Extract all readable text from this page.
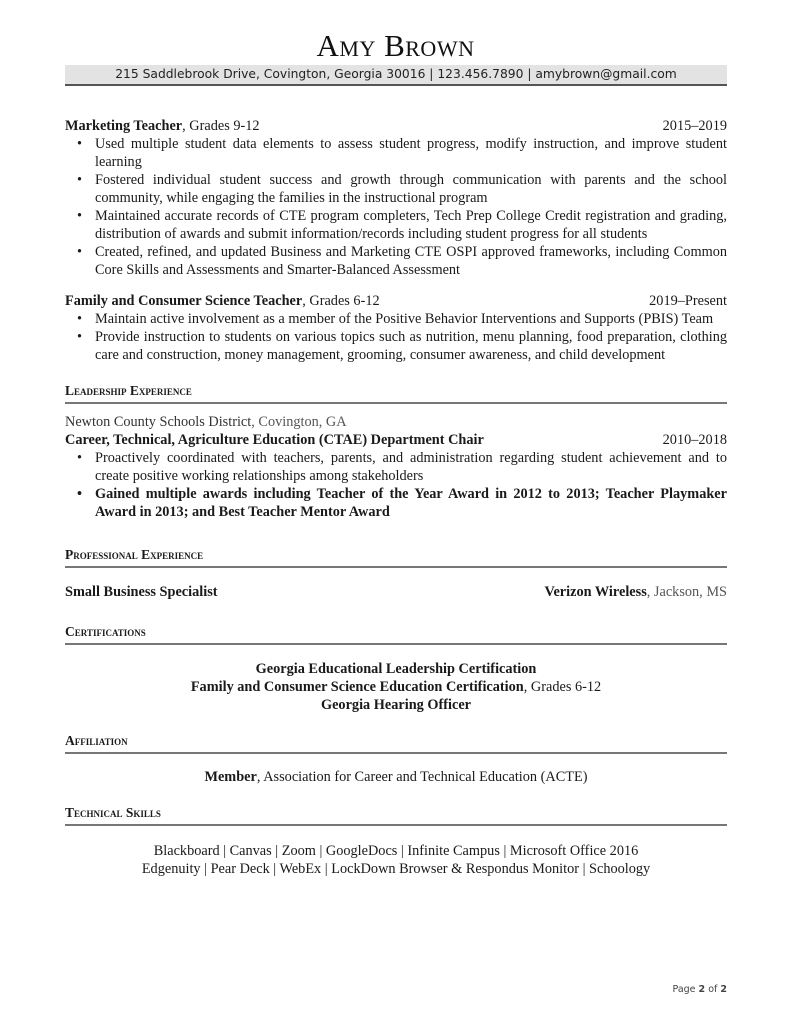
Amy Brown
215 Saddlebrook Drive, Covington, Georgia 30016 | 123.456.7890 | amybrown@gmail.com
Marketing Teacher, Grades 9-12	2015–2019
• Used multiple student data elements to assess student progress, modify instruction, and improve student learning
• Fostered individual student success and growth through communication with parents and the school community, while engaging the families in the instructional program
• Maintained accurate records of CTE program completers, Tech Prep College Credit registration and grading, distribution of awards and submit information/records including student progress for all students
• Created, refined, and updated Business and Marketing CTE OSPI approved frameworks, including Common Core Skills and Assessments and Smarter-Balanced Assessment
Family and Consumer Science Teacher, Grades 6-12	2019–Present
• Maintain active involvement as a member of the Positive Behavior Interventions and Supports (PBIS) Team
• Provide instruction to students on various topics such as nutrition, menu planning, food preparation, clothing care and construction, money management, grooming, consumer awareness, and child development
Leadership Experience
Newton County Schools District, Covington, GA
Career, Technical, Agriculture Education (CTAE) Department Chair	2010–2018
• Proactively coordinated with teachers, parents, and administration regarding student achievement and to create positive working relationships among stakeholders
• Gained multiple awards including Teacher of the Year Award in 2012 to 2013; Teacher Playmaker Award in 2013; and Best Teacher Mentor Award
Professional Experience
Small Business Specialist	Verizon Wireless, Jackson, MS
Certifications
Georgia Educational Leadership Certification
Family and Consumer Science Education Certification, Grades 6-12
Georgia Hearing Officer
Affiliation
Member, Association for Career and Technical Education (ACTE)
Technical Skills
Blackboard | Canvas | Zoom | GoogleDocs | Infinite Campus | Microsoft Office 2016
Edgenuity | Pear Deck | WebEx | LockDown Browser & Respondus Monitor | Schoology
Page 2 of 2
